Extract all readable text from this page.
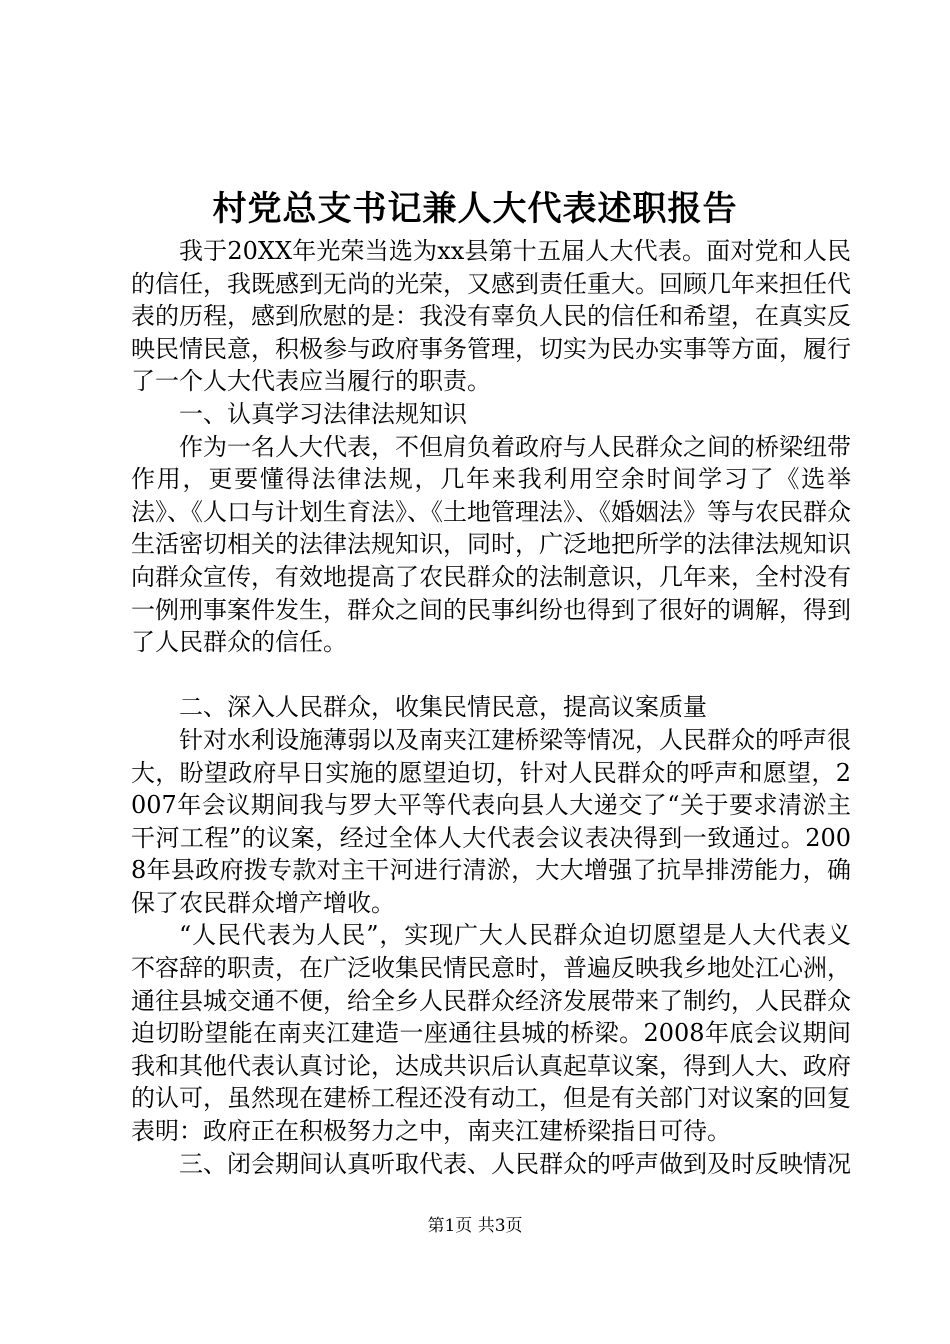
村党总支书记兼人大代表述职报告

我于20XX年光荣当选为xx县第十五届人大代表。面对党和人民的信任，我既感到无尚的光荣，又感到责任重大。回顾几年来担任代表的历程，感到欣慰的是：我没有辜负人民的信任和希望，在真实反映民情民意，积极参与政府事务管理，切实为民办实事等方面，履行了一个人大代表应当履行的职责。

一、认真学习法律法规知识

作为一名人大代表，不但肩负着政府与人民群众之间的桥梁纽带作用，更要懂得法律法规，几年来我利用空余时间学习了《选举法》、《人口与计划生育法》、《土地管理法》、《婚姻法》等与农民群众生活密切相关的法律法规知识，同时，广泛地把所学的法律法规知识向群众宣传，有效地提高了农民群众的法制意识，几年来，全村没有一例刑事案件发生，群众之间的民事纠纷也得到了很好的调解，得到了人民群众的信任。

二、深入人民群众，收集民情民意，提高议案质量

针对水利设施薄弱以及南夹江建桥梁等情况，人民群众的呼声很大，盼望政府早日实施的愿望迫切，针对人民群众的呼声和愿望，2007年会议期间我与罗大平等代表向县人大递交了“关于要求清淤主干河工程”的议案，经过全体人大代表会议表决得到一致通过。2008年县政府拨专款对主干河进行清淤，大大增强了抗旱排涝能力，确保了农民群众增产增收。

“人民代表为人民”，实现广大人民群众迫切愿望是人大代表义不容辞的职责，在广泛收集民情民意时，普遍反映我乡地处江心洲，通往县城交通不便，给全乡人民群众经济发展带来了制约，人民群众迫切盼望能在南夹江建造一座通往县城的桥梁。2008年底会议期间我和其他代表认真讨论，达成共识后认真起草议案，得到人大、政府的认可，虽然现在建桥工程还没有动工，但是有关部门对议案的回复表明：政府正在积极努力之中，南夹江建桥梁指日可待。

三、闭会期间认真听取代表、人民群众的呼声做到及时反映情况

第1页 共3页
